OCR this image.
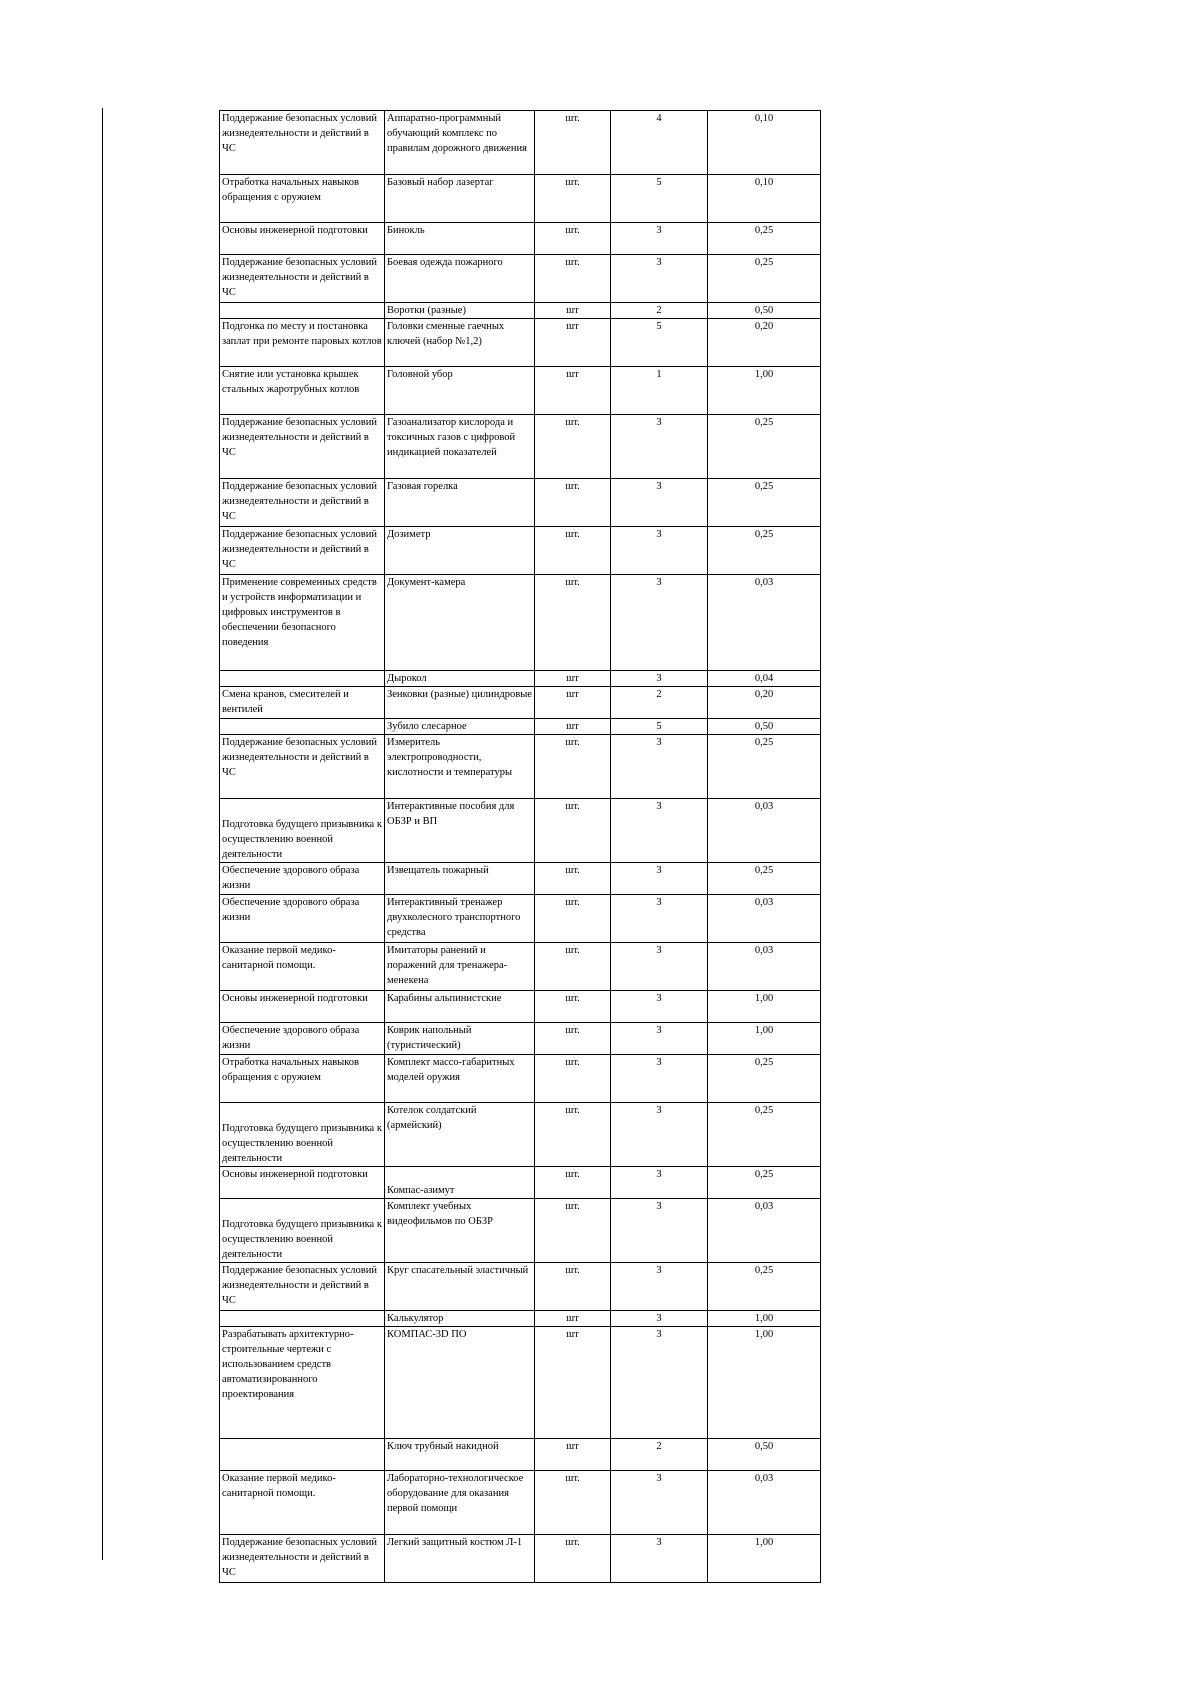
Поддержание безопасных условий жизнедеятельности и действий в ЧС	Аппаратно-программный обучающий комплекс по правилам дорожного движения	шт.	4	0,10
Отработка начальных навыков обращения с оружием	Базовый набор лазертаг	шт.	5	0,10
Основы инженерной подготовки	Бинокль	шт.	3	0,25
Поддержание безопасных условий жизнедеятельности и действий в ЧС	Боевая одежда пожарного	шт.	3	0,25
	Воротки (разные)	шт	2	0,50
Подгонка по месту и постановка заплат при ремонте паровых котлов	Головки сменные гаечных ключей (набор №1,2)	шт	5	0,20
Снятие или установка крышек стальных жаротрубных котлов	Головной убор	шт	1	1,00
Поддержание безопасных условий жизнедеятельности и действий в ЧС	Газоанализатор кислорода и токсичных газов с цифровой индикацией показателей	шт.	3	0,25
Поддержание безопасных условий жизнедеятельности и действий в ЧС	Газовая горелка	шт.	3	0,25
Поддержание безопасных условий жизнедеятельности и действий в ЧС	Дозиметр	шт.	3	0,25
Применение современных средств и устройств информатизации и цифровых инструментов в обеспечении безопасного поведения	Документ-камера	шт.	3	0,03
	Дырокол	шт	3	0,04
Смена кранов, смесителей и вентилей	Зенковки (разные) цилиндровые	шт	2	0,20
	Зубило слесарное	шт	5	0,50
Поддержание безопасных условий жизнедеятельности и действий в ЧС	Измеритель электропроводности, кислотности и температуры	шт.	3	0,25
Подготовка будущего призывника к осуществлению военной деятельности	Интерактивные пособия для ОБЗР и ВП	шт.	3	0,03
Обеспечение здорового образа жизни	Извещатель пожарный	шт.	3	0,25
Обеспечение здорового образа жизни	Интерактивный тренажер двухколесного транспортного средства	шт.	3	0,03
Оказание первой медико-санитарной помощи.	Имитаторы ранений и поражений для тренажера-менекена	шт.	3	0,03
Основы инженерной подготовки	Карабины альпинистские	шт.	3	1,00
Обеспечение здорового образа жизни	Коврик напольный (туристический)	шт.	3	1,00
Отработка начальных навыков обращения с оружием	Комплект массо-габаритных моделей оружия	шт.	3	0,25
Подготовка будущего призывника к осуществлению военной деятельности	Котелок солдатский (армейский)	шт.	3	0,25
Основы инженерной подготовки	Компас-азимут	шт.	3	0,25
Подготовка будущего призывника к осуществлению военной деятельности	Комплект учебных видеофильмов по ОБЗР	шт.	3	0,03
Поддержание безопасных условий жизнедеятельности и действий в ЧС	Круг спасательный эластичный	шт.	3	0,25
	Калькулятор	шт	3	1,00
Разрабатывать архитектурно-строительные чертежи с использованием средств автоматизированного проектирования	КОМПАС-3D ПО	шт	3	1,00
	Ключ трубный накидной	шт	2	0,50
Оказание первой медико-санитарной помощи.	Лабораторно-технологическое оборудование для оказания первой помощи	шт.	3	0,03
Поддержание безопасных условий жизнедеятельности и действий в ЧС	Легкий защитный костюм Л-1	шт.	3	1,00
